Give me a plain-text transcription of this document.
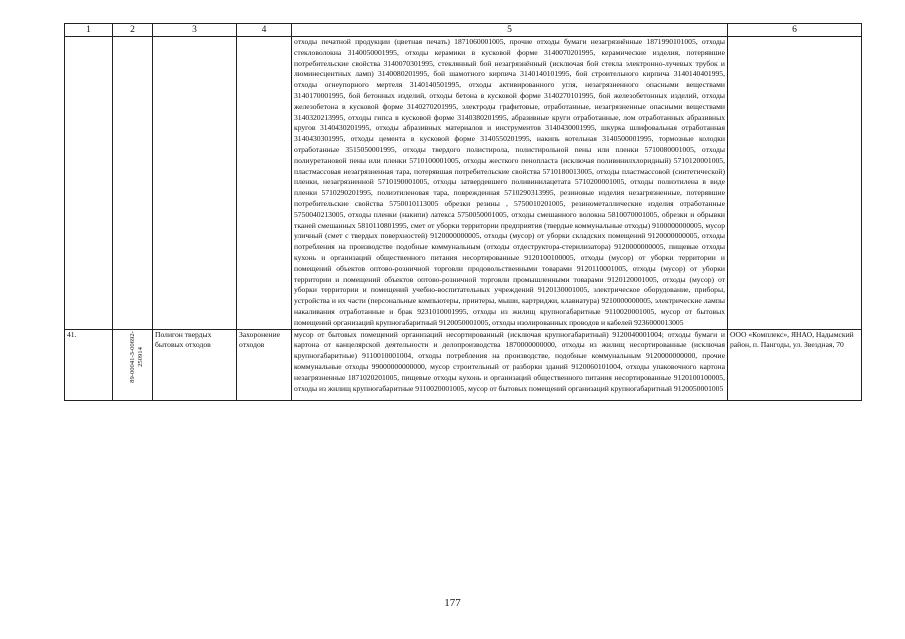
1	2	3	4	5	6
				отходы печатной продукции (цветная печать) 1871060001005, прочие отходы бумаги незагрязнённые 1871990101005, отходы стекловолокна 3140050001995, отходы керамики в кусковой форме 3140070201995, керамические изделия, потерявшие потребительские свойства 3140070301995, стеклянный бой незагрязнённый (исключая бой стекла электронно-лучевых трубок и люминесцентных ламп) 3140080201995, бой шамотного кирпича 3140140101995, бой строительного кирпича 3140140401995, отходы огнеупорного мертеля 3140140501995, отходы активированного угля, незагрязненного опасными веществами 3140170001995, бой бетонных изделий, отходы бетона в кусковой форме 3140270101995, бой железобетонных изделий, отходы железобетона в кусковой форме 3140270201995, электроды графитовые, отработанные, незагрязненные опасными веществами 3140320213995, отходы гипса в кусковой форме 3140380201995, абразивные круги отработанные, лом отработанных абразивных кругов 3140430201995, отходы абразивных материалов и инструментов 3140430001995, шкурка шлифовальная отработанная 3140430301995, отходы цемента в кусковой форме 3140550201995, накипь котельная 3140500001995, тормозные колодки отработанные 3515050001995, отходы твердого полистирола, полистирольной пены или пленки 5710080001005, отходы полиуретановой пены или пленки 5710100001005, отходы жесткого пенопласта (исключая поливинилхлоридный) 5710120001005, пластмассовая незагрязненная тара, потерявшая потребительские свойства 5710180013005, отходы пластмассовой (синтетической) пленки, незагрязненной 5710190001005, отходы затвердевшего поливинилацетата 5710200001005, отходы полиэтилена в виде пленки 5710290201995, полиэтиленовая тара, поврежденная 5710290313995, резиновые изделия незагрязненные, потерявшие потребительские свойства 5750010113005 обрезки резины , 5750010201005, резинометаллические изделия отработанные 5750040213005, отходы пленки (накипи) латекса 5750050001005, отходы смешанного волокна 5810070001005, обрезки и обрывки тканей смешанных 5810110801995, смет от уборки территории предприятия (твердые коммунальные отходы) 9100000000005, мусор уличный (смет с твердых поверхностей) 9120000000005, отходы (мусор) от уборки складских помещений 9120000000005, отходы потребления на производстве подобные коммунальным (отходы отдеструктора-стерилизатора) 9120000000005, пищевые отходы кухонь и организаций общественного питания несортированные 9120100100005, отходы (мусор) от уборки территории и помещений объектов оптово-розничной торговли продовольственными товарами 9120110001005, отходы (мусор) от уборки территории и помещений объектов оптово-розничной торговли промышленными товарами 9120120001005, отходы (мусор) от уборки территории и помещений учебно-воспитательных учреждений 9120130001005, электрическое оборудование, приборы, устройства и их части (персональные компьютеры, принтеры, мыши, картриджи, клавиатура) 9210000000005, электрические лампы накаливания отработанные и брак 9231010001995, отходы из жилищ крупногабаритные 9110020001005, мусор от бытовых помещений организаций крупногабаритный 9120050001005, отходы изолированных проводов и кабелей 9236000013005	
41.	89-00041-З-00692-250914	Полигон твердых бытовых отходов	Захоронение отходов	мусор от бытовых помещений организаций несортированный (исключая крупногабаритный) 9120040001004; отходы бумаги и картона от канцелярской деятельности и делопроизводства 1870000000000, отходы из жилищ несортированные (исключая крупногабаритные) 9110010001004, отходы потребления на производстве, подобные коммунальным 9120000000000, прочие коммунальные отходы 99000000000000, мусор строительный от разборки зданий 9120060101004, отходы упаковочного картона незагрязненные 1871020201005, пищевые отходы кухонь и организаций общественного питания несортированные 9120100100005, отходы из жилищ крупногабаритные 9110020001005, мусор от бытовых помещений организаций крупногабаритный 9120050001005	ООО «Комплекс», ЯНАО, Надымский район, п. Пангоды, ул. Звездная, 70
177
